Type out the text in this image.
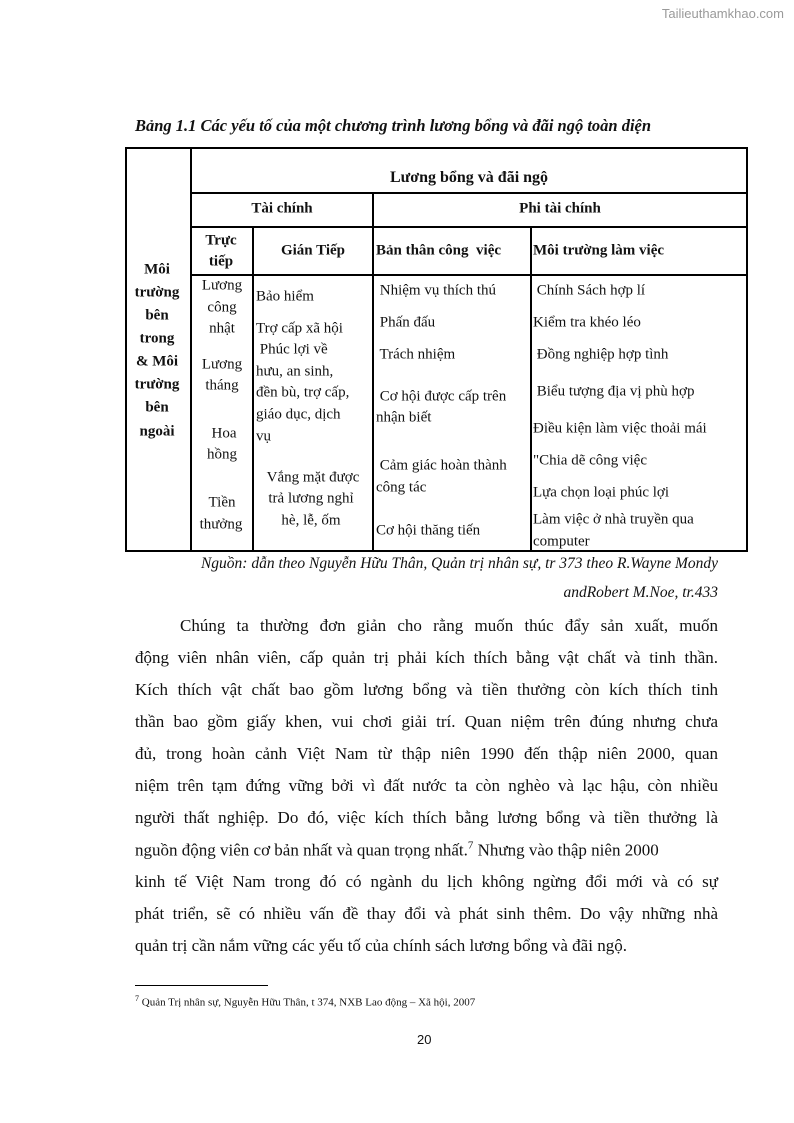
Tailieuthamkhao.com
Bảng 1.1 Các yếu tố của một chương trình lương bổng và đãi ngộ toàn diện
Môi
trường
bên
trong
& Môi
trường
bên
ngoài
Lương bổng và đãi ngộ
Tài chính	Phi tài chính
Trực
tiếp
Gián Tiếp Bản thân công  việc Môi trường làm việc
Lương
công
nhật
Lương
tháng
Hoa
hồng
Tiền
thưởng
Bảo hiểm
Trợ cấp xã hội
Phúc lợi về
hưu, an sinh,
đền bù, trợ cấp,
giáo dục, dịch
vụ
Vắng mặt được
trả lương nghỉ
hè, lễ, ốm
Nhiệm vụ thích thú
Phấn đấu
Trách nhiệm
Cơ hội được cấp trên
nhận biết
Cảm giác hoàn thành
công tác
Cơ hội thăng tiến
Chính Sách hợp lí
Kiểm tra khéo léo
Đồng nghiệp hợp tình
Biểu tượng địa vị phù hợp
Điều kiện làm việc thoải mái
"Chia dẽ công việc
Lựa chọn loại phúc lợi
Làm việc ở nhà truyền qua
computer
Nguồn: dẫn theo Nguyễn Hữu Thân, Quản trị nhân sự, tr 373 theo R.Wayne Mondy
andRobert M.Noe, tr.433
Chúng ta thường đơn giản cho rằng muốn thúc đẩy sản xuất, muốn
động viên nhân viên, cấp quản trị phải kích thích bằng vật chất và tinh thần.
Kích thích vật chất bao gồm lương bổng và tiền thưởng còn kích thích tinh
thần bao gồm giấy khen, vui chơi giải trí. Quan niệm trên đúng nhưng chưa
đủ, trong hoàn cảnh Việt Nam từ thập niên 1990 đến thập niên 2000, quan
niệm trên tạm đứng vững bởi vì đất nước ta còn nghèo và lạc hậu, còn nhiều
người thất nghiệp. Do đó, việc kích thích bằng lương bổng và tiền thưởng là
nguồn động viên cơ bản nhất và quan trọng nhất.$^7$ Nhưng vào thập niên 2000
kinh tế Việt Nam trong đó có ngành du lịch không ngừng đổi mới và có sự
phát triển, sẽ có nhiều vấn đề thay đổi và phát sinh thêm. Do vậy những nhà
quản trị cần nắm vững các yếu tố của chính sách lương bổng và đãi ngộ.
$^7$ Quản Trị nhân sự, Nguyễn Hữu Thân, t 374, NXB Lao động – Xã hội, 2007
20
